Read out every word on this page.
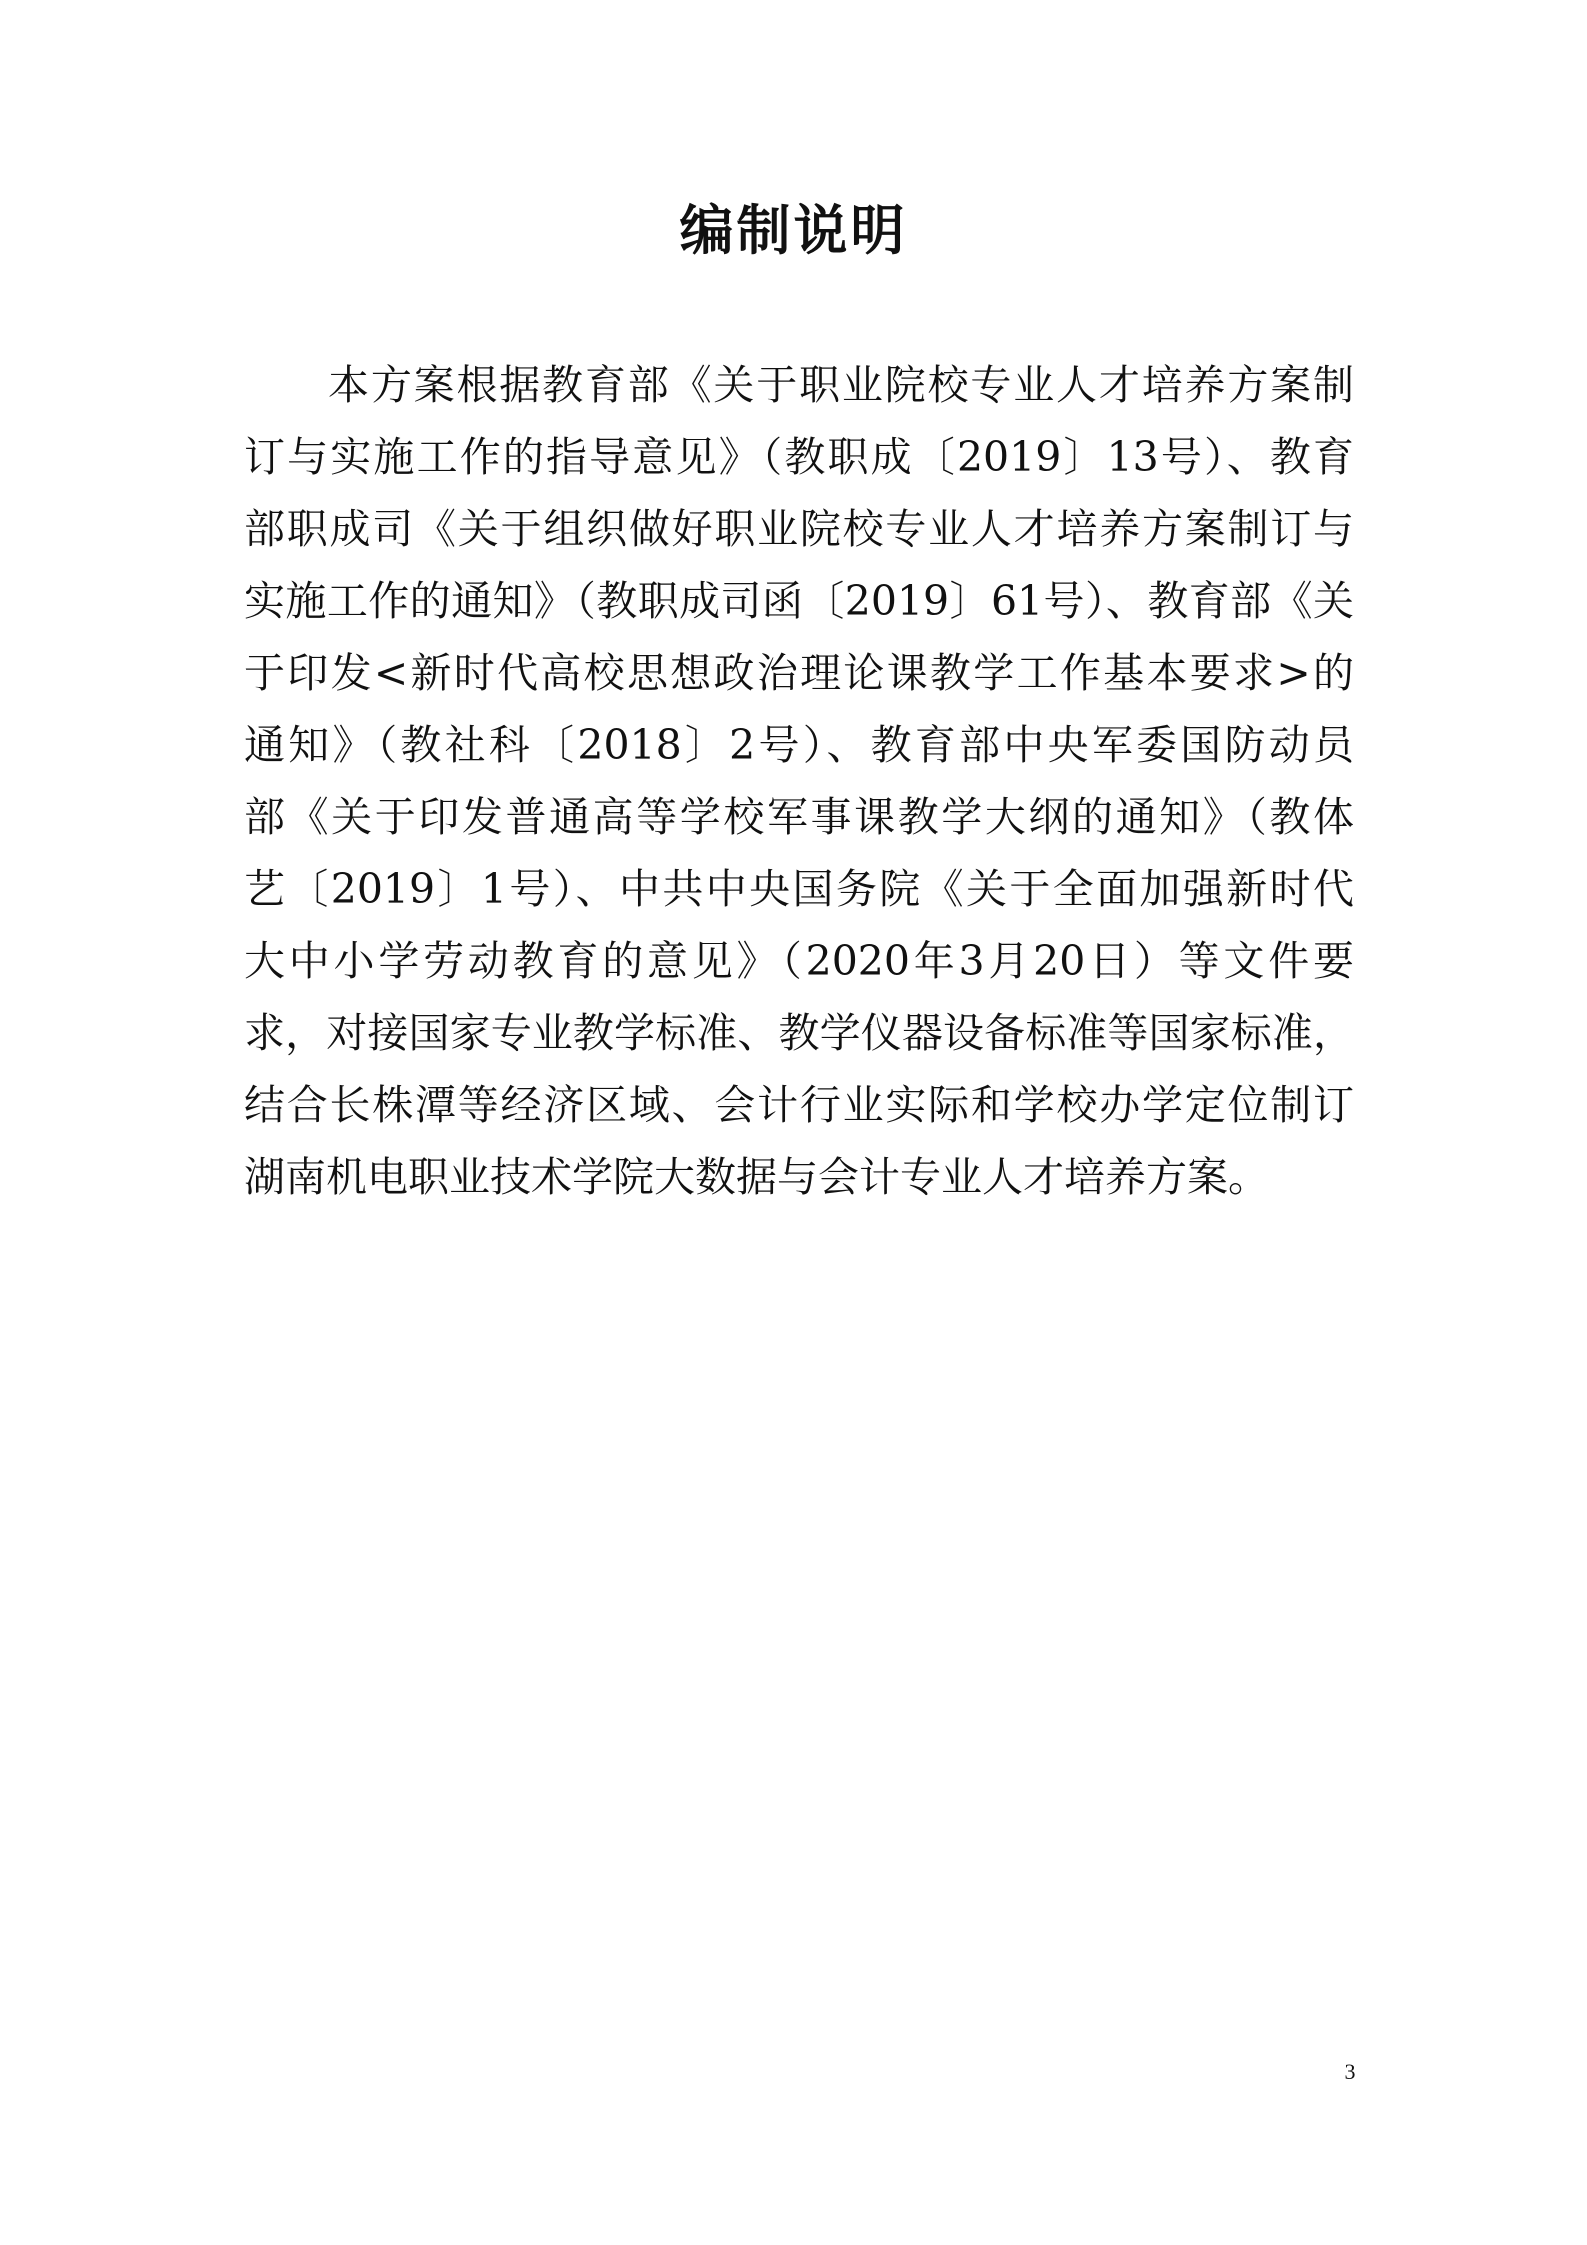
编制说明
本方案根据教育部《关于职业院校专业人才培养方案制
订与实施工作的指导意见》（教职成〔2019〕13号）、教育
部职成司《关于组织做好职业院校专业人才培养方案制订与
实施工作的通知》（教职成司函〔2019〕61号）、教育部《关
于印发<新时代高校思想政治理论课教学工作基本要求>的
通知》（教社科〔2018〕2号）、教育部中央军委国防动员
部《关于印发普通高等学校军事课教学大纲的通知》（教体
艺〔2019〕1号）、中共中央国务院《关于全面加强新时代
大中小学劳动教育的意见》（2020年3月20日）等文件要
求，对接国家专业教学标准、教学仪器设备标准等国家标准，
结合长株潭等经济区域、会计行业实际和学校办学定位制订
湖南机电职业技术学院大数据与会计专业人才培养方案。
3
